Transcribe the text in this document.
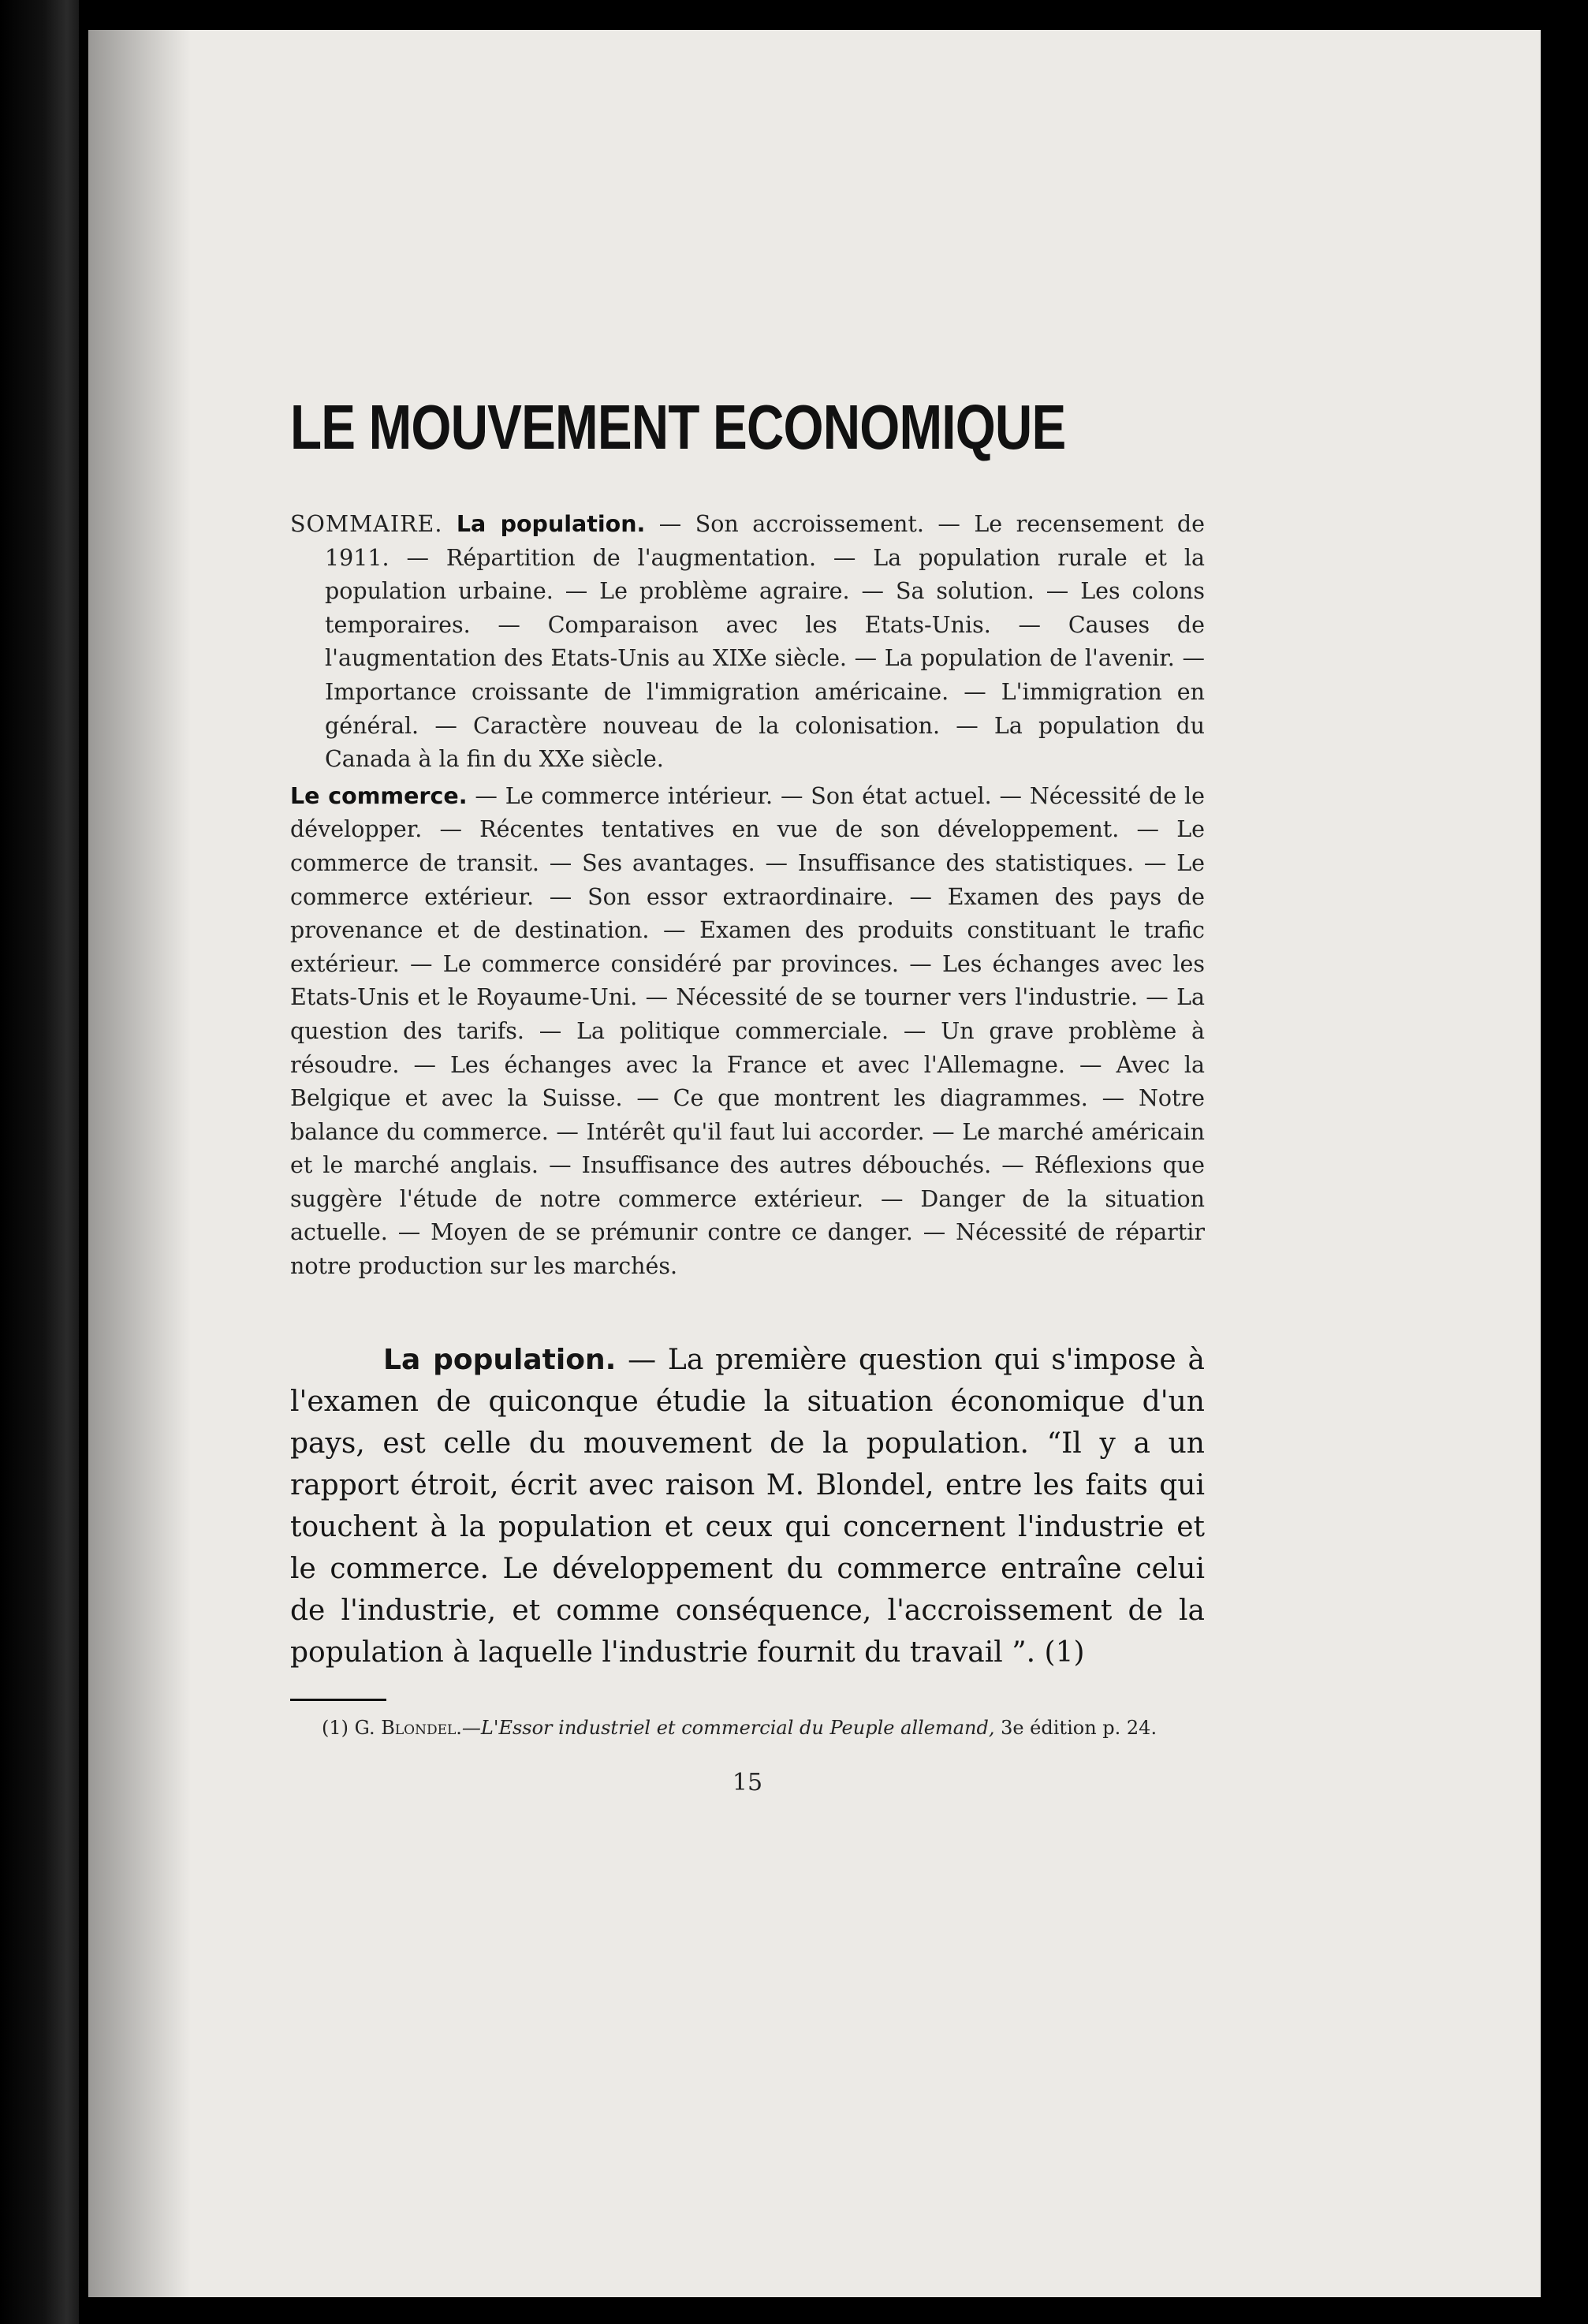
LE MOUVEMENT ECONOMIQUE

SOMMAIRE. La population. — Son accroissement. — Le recensement de 1911. — Répartition de l'augmentation. — La population rurale et la population urbaine. — Le problème agraire. — Sa solution. — Les colons temporaires. — Comparaison avec les Etats-Unis. — Causes de l'augmentation des Etats-Unis au XIXe siècle. — La population de l'avenir. — Importance croissante de l'immigration américaine. — L'immigration en général. — Caractère nouveau de la colonisation. — La population du Canada à la fin du XXe siècle.

Le commerce. — Le commerce intérieur. — Son état actuel. — Nécessité de le développer. — Récentes tentatives en vue de son développement. — Le commerce de transit. — Ses avantages. — Insuffisance des statistiques. — Le commerce extérieur. — Son essor extraordinaire. — Examen des pays de provenance et de destination. — Examen des produits constituant le trafic extérieur. — Le commerce considéré par provinces. — Les échanges avec les Etats-Unis et le Royaume-Uni. — Nécessité de se tourner vers l'industrie. — La question des tarifs. — La politique commerciale. — Un grave problème à résoudre. — Les échanges avec la France et avec l'Allemagne. — Avec la Belgique et avec la Suisse. — Ce que montrent les diagrammes. — Notre balance du commerce. — Intérêt qu'il faut lui accorder. — Le marché américain et le marché anglais. — Insuffisance des autres débouchés. — Réflexions que suggère l'étude de notre commerce extérieur. — Danger de la situation actuelle. — Moyen de se prémunir contre ce danger. — Nécessité de répartir notre production sur les marchés.

La population. — La première question qui s'impose à l'examen de quiconque étudie la situation économique d'un pays, est celle du mouvement de la population. “Il y a un rapport étroit, écrit avec raison M. Blondel, entre les faits qui touchent à la population et ceux qui concernent l'industrie et le commerce. Le développement du commerce entraîne celui de l'industrie, et comme conséquence, l'accroissement de la population à laquelle l'industrie fournit du travail ”. (1)
(1) G. Blondel.—L'Essor industriel et commercial du Peuple allemand, 3e édition p. 24.
15
